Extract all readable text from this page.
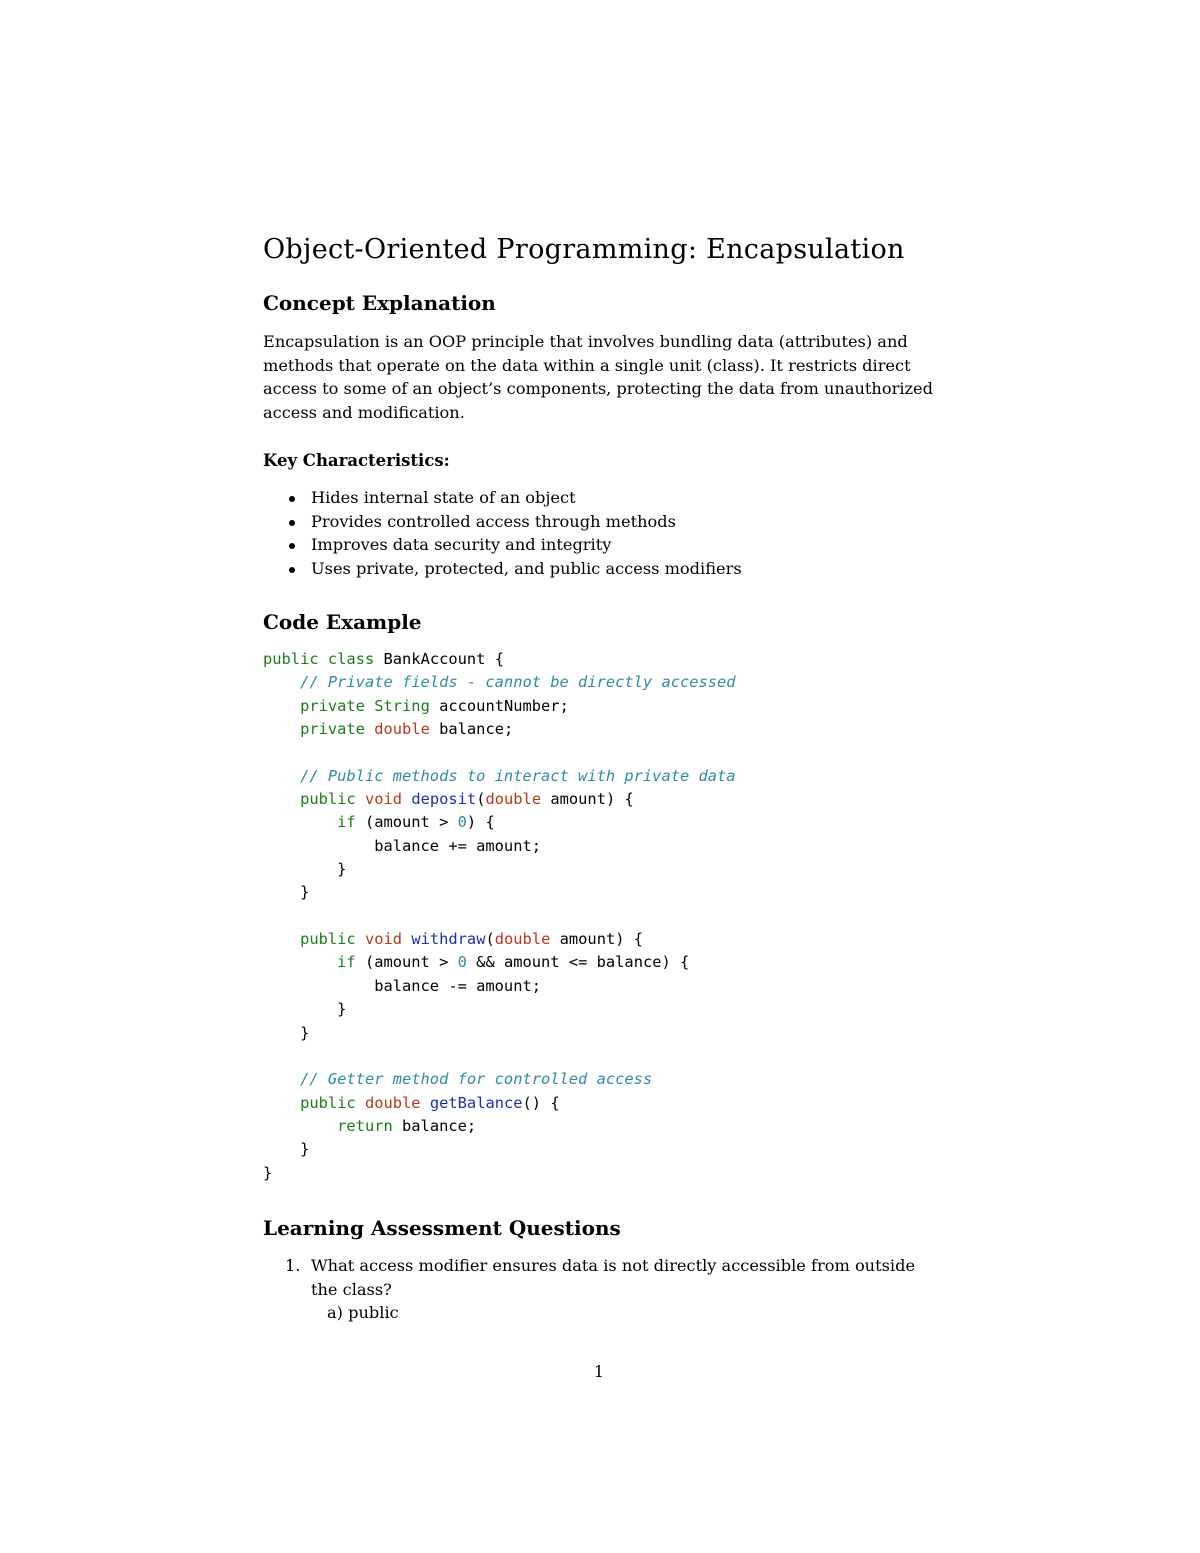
Object-Oriented Programming: Encapsulation
Concept Explanation
Encapsulation is an OOP principle that involves bundling data (attributes) and
methods that operate on the data within a single unit (class). It restricts direct
access to some of an object’s components, protecting the data from unauthorized
access and modification.
Key Characteristics:
Hides internal state of an object
Provides controlled access through methods
Improves data security and integrity
Uses private, protected, and public access modifiers
Code Example
public class BankAccount {
// Private fields - cannot be directly accessed
private String accountNumber;
private double balance;
// Public methods to interact with private data
public void deposit(double amount) {
if (amount > 0) {
balance += amount;
}
}
public void withdraw(double amount) {
if (amount > 0 && amount <= balance) {
balance -= amount;
}
}
// Getter method for controlled access
public double getBalance() {
return balance;
}
}
Learning Assessment Questions
1. What access modifier ensures data is not directly accessible from outside
the class?
a) public
1
